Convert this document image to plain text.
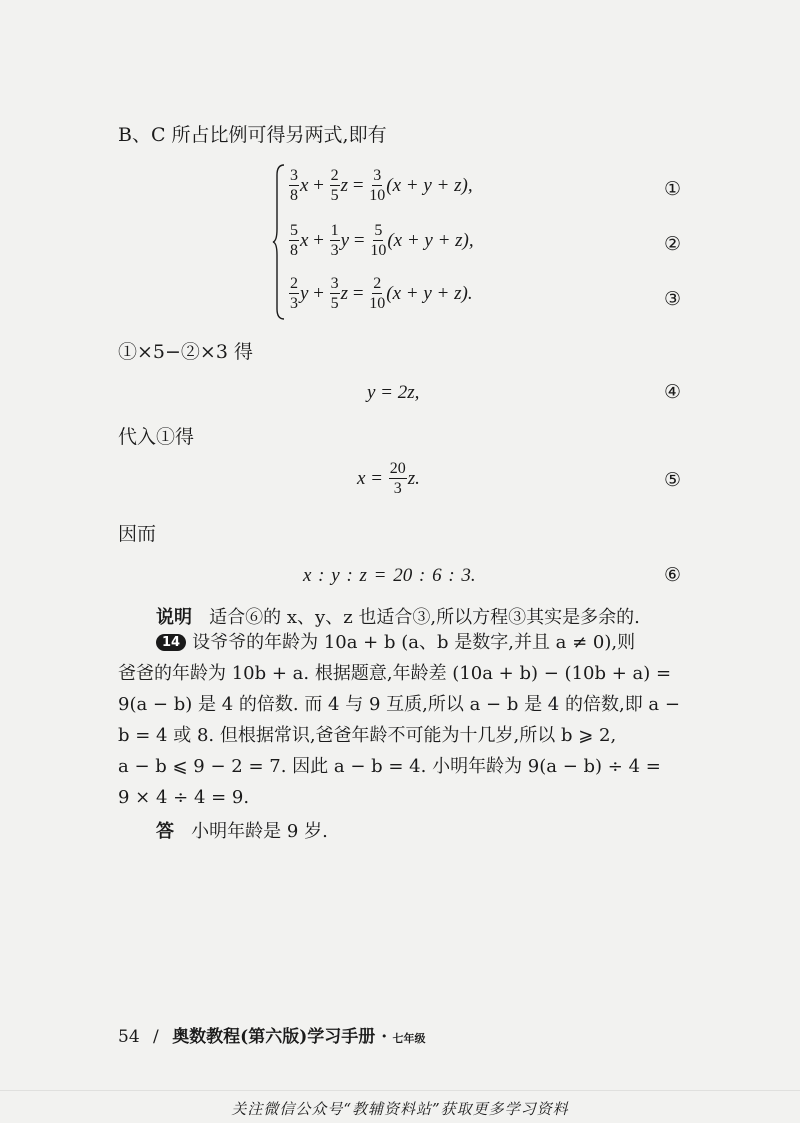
B、C 所占比例可得另两式,即有
$\frac{3}{8}$ x
+
$\frac{2}{5}$ z
=
$\frac{3}{10} (x + y + z)$,	①
$\frac{5}{8}$ x
+
$\frac{1}{3}$ y
=
$\frac{5}{10} (x + y + z)$,	②
$\frac{2}{3}$ y
+
$\frac{3}{5}$ z
=
$\frac{2}{10} (x + y + z)$.	③
①×5−②×3 得
y = 2z,	④
代入①得
x =
$\frac{20}{3} z$.	⑤
因而
x : y : z = 20 : 6 : 3.	⑥
说明 适合⑥的 x、y、z 也适合③,所以方程③其实是多余的.
14 设爷爷的年龄为 10a + b (a、b 是数字,并且 a ≠ 0),则
爸爸的年龄为 10b + a. 根据题意,年龄差 (10a + b) − (10b + a) =
9(a − b) 是 4 的倍数. 而 4 与 9 互质,所以 a − b 是 4 的倍数,即 a −
b = 4 或 8. 但根据常识,爸爸年龄不可能为十几岁,所以 b ⩾ 2,
a − b ⩽ 9 − 2 = 7. 因此 a − b = 4. 小明年龄为 9(a − b) ÷ 4 =
9 × 4 ÷ 4 = 9.
答 小明年龄是 9 岁.
54 / 奥数教程(第六版)学习手册 · 七年级
关注微信公众号“教辅资料站”获取更多学习资料
